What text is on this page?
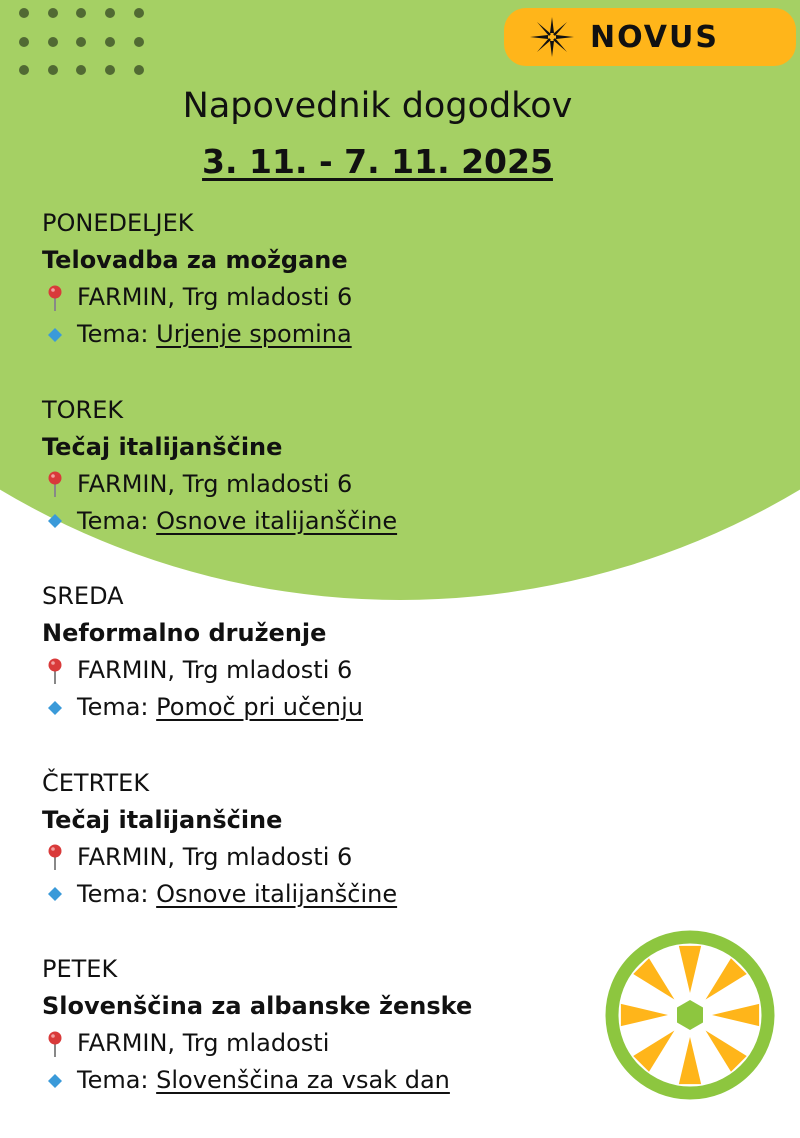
NOVUS
Napovednik dogodkov
3. 11. - 7. 11. 2025
PONEDELJEK
Telovadba za možgane
FARMIN, Trg mladosti 6
Tema: Urjenje spomina
TOREK
Tečaj italijanščine
FARMIN, Trg mladosti 6
Tema: Osnove italijanščine
SREDA
Neformalno druženje
FARMIN, Trg mladosti 6
Tema: Pomoč pri učenju
ČETRTEK
Tečaj italijanščine
FARMIN, Trg mladosti 6
Tema: Osnove italijanščine
PETEK
Slovenščina za albanske ženske
FARMIN, Trg mladosti
Tema: Slovenščina za vsak dan
